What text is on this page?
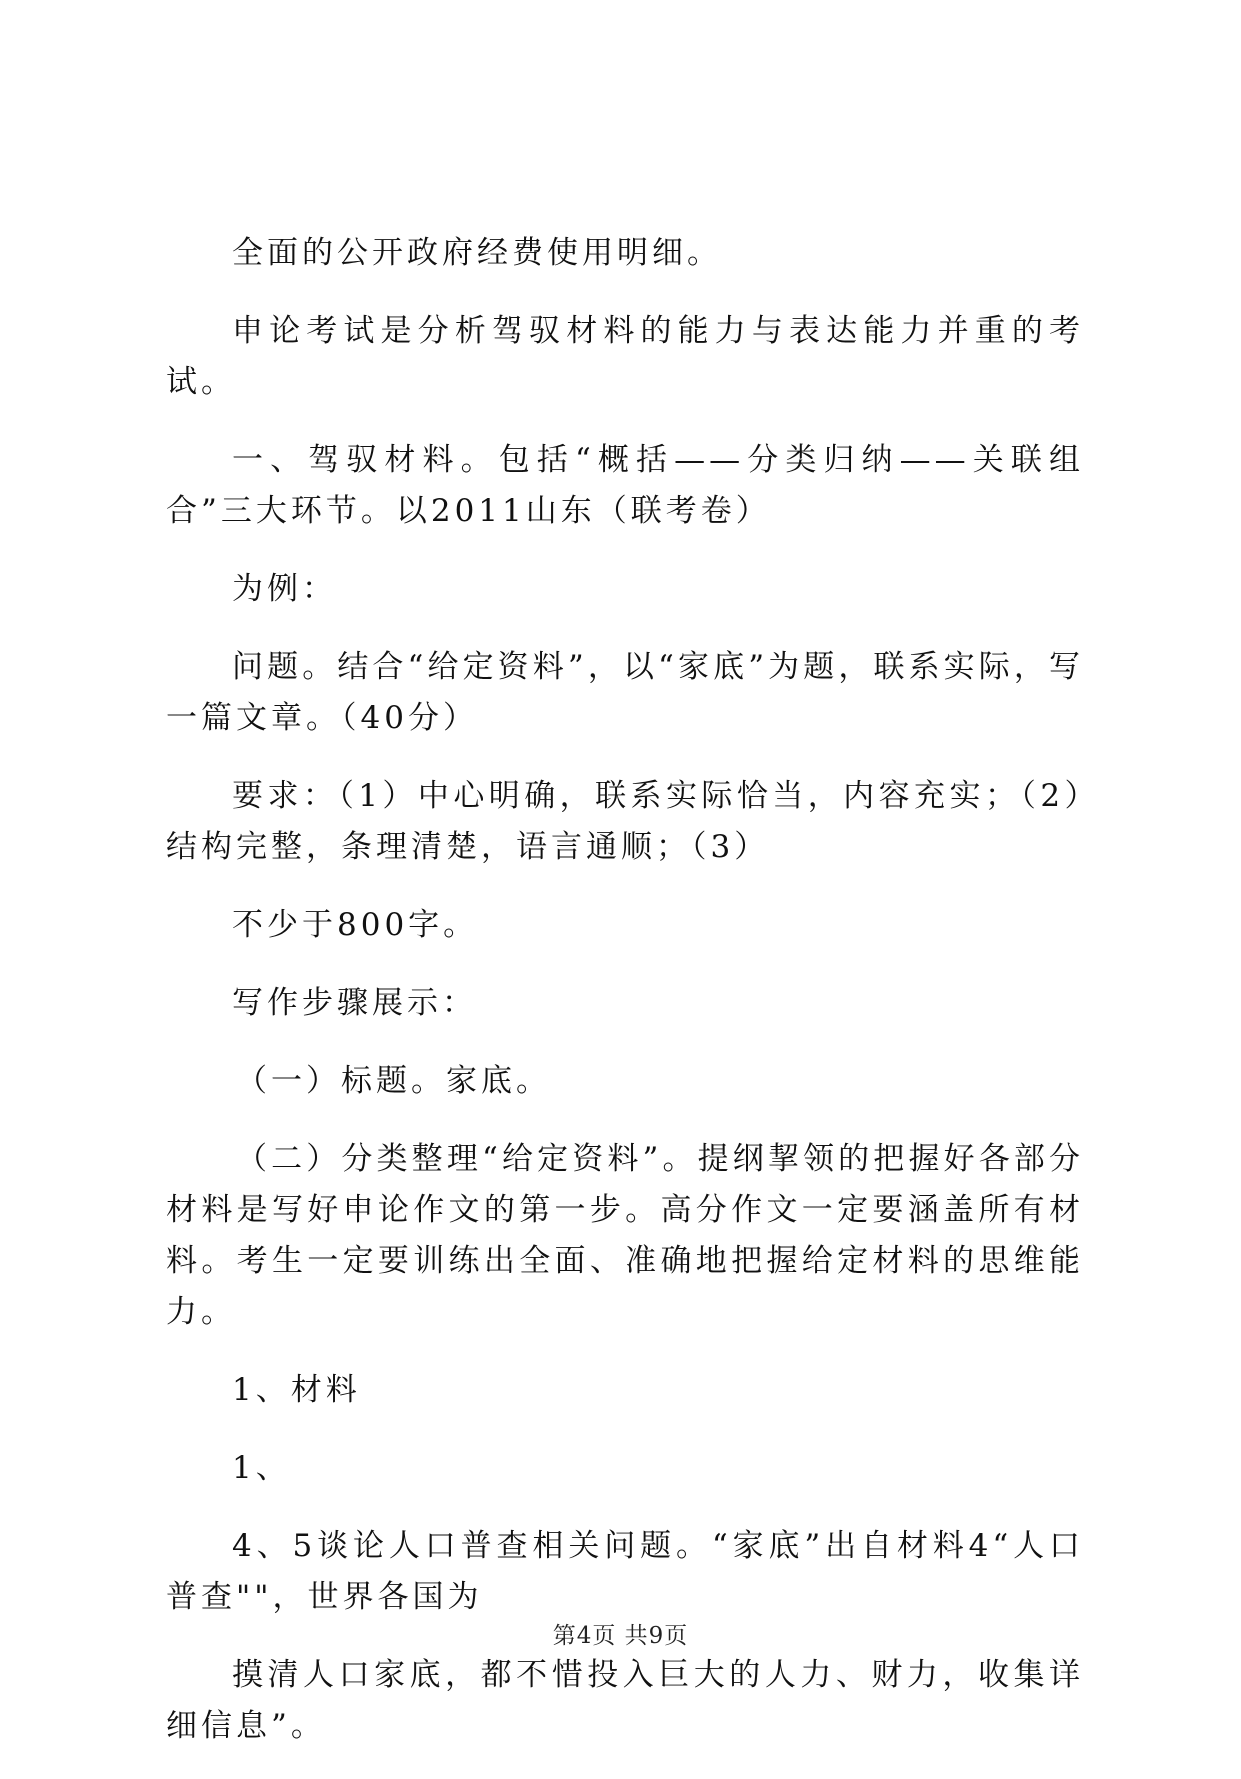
全面的公开政府经费使用明细。

申论考试是分析驾驭材料的能力与表达能力并重的考试。

一、驾驭材料。包括“概括——分类归纳——关联组合”三大环节。以2011山东（联考卷）

为例：

问题。结合“给定资料”，以“家底”为题，联系实际，写一篇文章。（40分）

要求：（1）中心明确，联系实际恰当，内容充实；（2）结构完整，条理清楚，语言通顺；（3）

不少于800字。

写作步骤展示：

（一）标题。家底。

（二）分类整理“给定资料”。提纲挈领的把握好各部分材料是写好申论作文的第一步。高分作文一定要涵盖所有材料。考生一定要训练出全面、准确地把握给定材料的思维能力。

1、材料

1、

4、5谈论人口普查相关问题。“家底”出自材料4“人口普查""，世界各国为

摸清人口家底，都不惜投入巨大的人力、财力，收集详细信息”。

第4页 共9页
